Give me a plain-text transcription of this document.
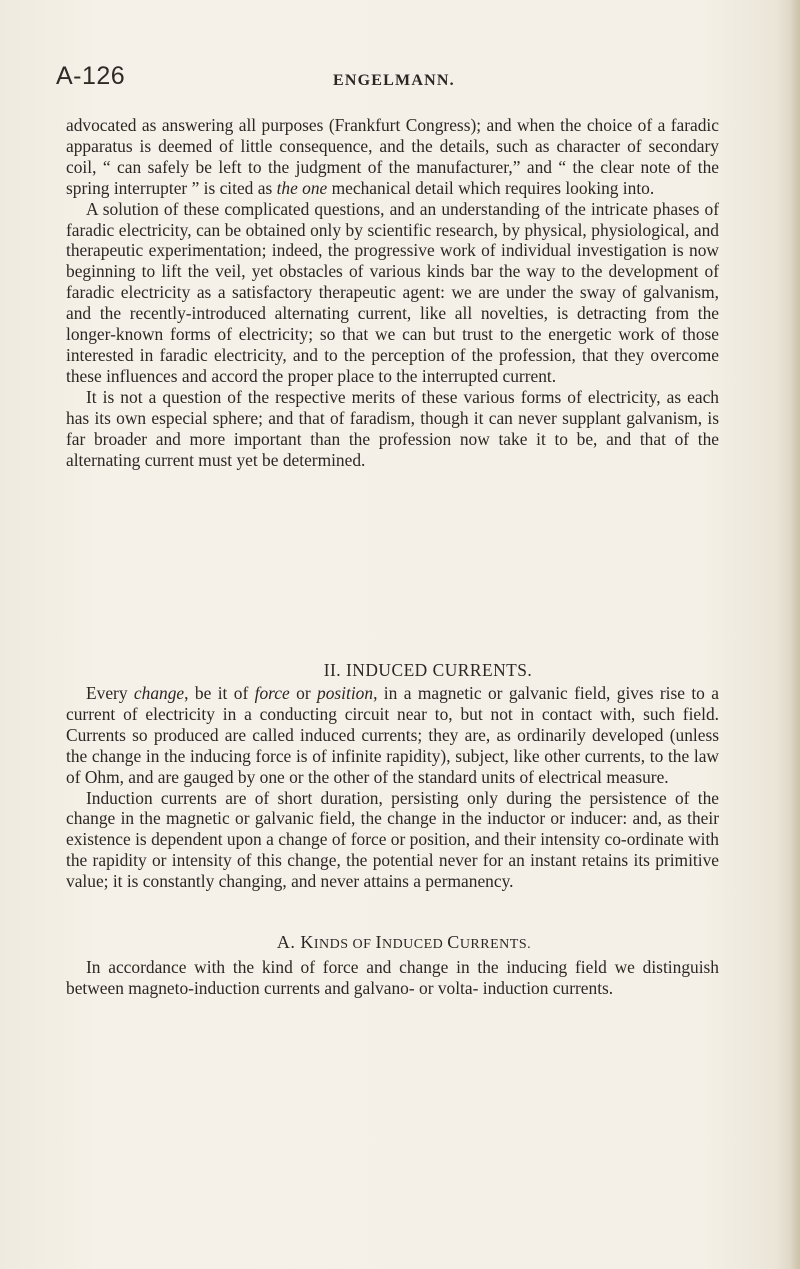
A-126	ENGELMANN.

advocated as answering all purposes (Frankfurt Congress); and when the choice of a faradic apparatus is deemed of little consequence, and the details, such as character of secondary coil, “ can safely be left to the judgment of the manufacturer,” and “ the clear note of the spring interrupter ” is cited as the one mechanical detail which requires looking into.

A solution of these complicated questions, and an understanding of the intricate phases of faradic electricity, can be obtained only by scientific research, by physical, physiological, and therapeutic experimentation; indeed, the progressive work of individual investigation is now beginning to lift the veil, yet obstacles of various kinds bar the way to the development of faradic electricity as a satisfactory therapeutic agent: we are under the sway of galvanism, and the recently-introduced alternating current, like all novelties, is detracting from the longer-known forms of electricity; so that we can but trust to the energetic work of those interested in faradic electricity, and to the perception of the profession, that they overcome these influences and accord the proper place to the interrupted current.

It is not a question of the respective merits of these various forms of electricity, as each has its own especial sphere; and that of faradism, though it can never supplant galvanism, is far broader and more important than the profession now take it to be, and that of the alternating current must yet be determined.

II. INDUCED CURRENTS.

Every change, be it of force or position, in a magnetic or galvanic field, gives rise to a current of electricity in a conducting circuit near to, but not in contact with, such field. Currents so produced are called induced currents; they are, as ordinarily developed (unless the change in the inducing force is of infinite rapidity), subject, like other currents, to the law of Ohm, and are gauged by one or the other of the standard units of electrical measure.

Induction currents are of short duration, persisting only during the persistence of the change in the magnetic or galvanic field, the change in the inductor or inducer: and, as their existence is dependent upon a change of force or position, and their intensity co-ordinate with the rapidity or intensity of this change, the potential never for an instant retains its primitive value; it is constantly changing, and never attains a permanency.

A. KINDS OF INDUCED CURRENTS.

In accordance with the kind of force and change in the inducing field we distinguish between magneto-induction currents and galvano- or volta- induction currents.
